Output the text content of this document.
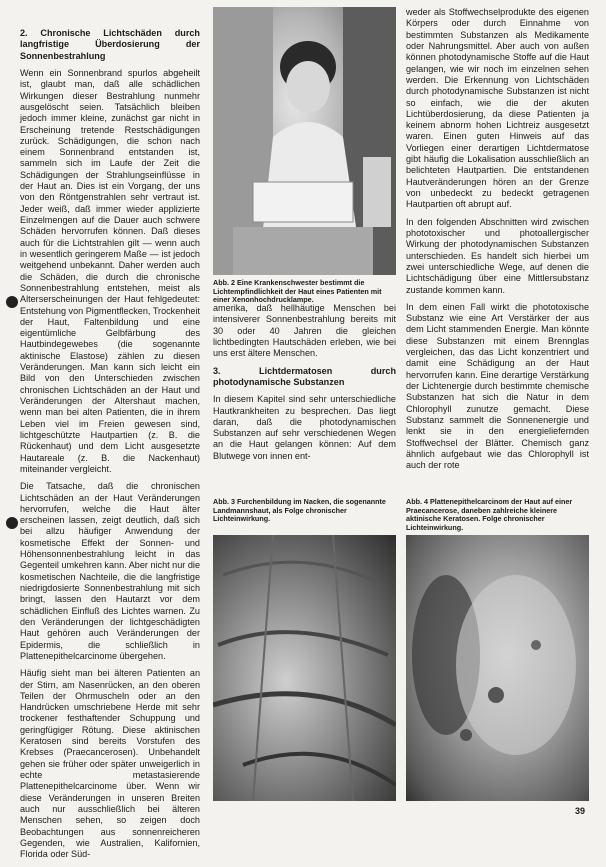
2. Chronische Lichtschäden durch langfristige Überdosierung der Sonnenbestrahlung

Wenn ein Sonnenbrand spurlos abgeheilt ist, glaubt man, daß alle schädlichen Wirkungen dieser Bestrahlung nunmehr ausgelöscht seien. Tatsächlich bleiben jedoch immer kleine, zunächst gar nicht in Erscheinung tretende Restschädigungen zurück. Schädigungen, die schon nach einem Sonnenbrand entstanden ist, sammeln sich im Laufe der Zeit die Schädigungen der Strahlungseinflüsse in der Haut an. Dies ist ein Vorgang, der uns von den Röntgenstrahlen sehr vertraut ist. Jeder weiß, daß immer wieder applizierte Einzelmengen auf die Dauer auch schwere Schäden hervorrufen können. Daß dieses auch für die Lichtstrahlen gilt — wenn auch in wesentlich geringerem Maße — ist jedoch weitgehend unbekannt. Daher werden auch die Schäden, die durch die chronische Sonnenbestrahlung entstehen, meist als Alterserscheinungen der Haut fehlgedeutet: Entstehung von Pigmentflecken, Trockenheit der Haut, Faltenbildung und eine eigentümliche Gelbfärbung des Hautbindegewebes (die sogenannte aktinische Elastose) zählen zu diesen Veränderungen. Man kann sich leicht ein Bild von den Unterschieden zwischen chronischen Lichtschäden an der Haut und Veränderungen der Altershaut machen, wenn man bei alten Patienten, die in ihrem Leben viel im Freien gewesen sind, lichtgeschützte Hautpartien (z. B. die Rückenhaut) und dem Licht ausgesetzte Hautareale (z. B. die Nackenhaut) miteinander vergleicht.

Die Tatsache, daß die chronischen Lichtschäden an der Haut Veränderungen hervorrufen, welche die Haut älter erscheinen lassen, zeigt deutlich, daß sich bei allzu häufiger Anwendung der kosmetische Effekt der Sonnen- und Höhensonnenbestrahlung leicht in das Gegenteil umkehren kann. Aber nicht nur die kosmetischen Nachteile, die die langfristige niedrigdosierte Sonnenbestrahlung mit sich bringt, lassen den Hautarzt vor dem schädlichen Einfluß des Lichtes warnen. Zu den Veränderungen der lichtgeschädigten Haut gehören auch Veränderungen der Epidermis, die schließlich in Plattenepithelcarcinome übergehen.

Häufig sieht man bei älteren Patienten an der Stirn, am Nasenrücken, an den oberen Teilen der Ohrmuscheln oder an den Handrücken umschriebene Herde mit sehr trockener festhaftender Schuppung und geringfügiger Rötung. Diese aktinischen Keratosen sind bereits Vorstufen des Krebses (Praecancerosen). Unbehandelt gehen sie früher oder später unweigerlich in echte metastasierende Plattenepithelcarcinome über. Wenn wir diese Veränderungen in unseren Breiten auch nur ausschließlich bei älteren Menschen sehen, so zeigen doch Beobachtungen aus sonnenreicheren Gegenden, wie Australien, Kalifornien, Florida oder Süd-

Abb. 2 Eine Krankenschwester bestimmt die Lichtempfindlichkeit der Haut eines Patienten mit einer Xenonhochdrucklampe.

amerika, daß hellhäutige Menschen bei intensiverer Sonnenbestrahlung bereits mit 30 oder 40 Jahren die gleichen lichtbedingten Hautschäden erleben, wie bei uns erst ältere Menschen.

3. Lichtdermatosen durch photodynamische Substanzen

In diesem Kapitel sind sehr unterschiedliche Hautkrankheiten zu besprechen. Das liegt daran, daß die photodynamischen Substanzen auf sehr verschiedenen Wegen an die Haut gelangen können: Auf dem Blutwege von innen ent-

weder als Stoffwechselprodukte des eigenen Körpers oder durch Einnahme von bestimmten Substanzen als Medikamente oder Nahrungsmittel. Aber auch von außen können photodynamische Stoffe auf die Haut gelangen, wie wir noch im einzelnen sehen werden. Die Erkennung von Lichtschäden durch photodynamische Substanzen ist nicht so einfach, wie die der akuten Lichtüberdosierung, da diese Patienten ja keinem abnorm hohen Lichtreiz ausgesetzt waren. Einen guten Hinweis auf das Vorliegen einer derartigen Lichtdermatose gibt häufig die Lokalisation ausschließlich an belichteten Hautpartien. Die entstandenen Hautveränderungen hören an der Grenze von unbedeckt zu bedeckt getragenen Hautpartien oft abrupt auf.

In den folgenden Abschnitten wird zwischen phototoxischer und photoallergischer Wirkung der photodynamischen Substanzen unterschieden. Es handelt sich hierbei um zwei unterschiedliche Wege, auf denen die Lichtschädigung über eine Mittlersubstanz zustande kommen kann.

In dem einen Fall wirkt die phototoxische Substanz wie eine Art Verstärker der aus dem Licht stammenden Energie. Man könnte diese Substanzen mit einem Brennglas vergleichen, das das Licht konzentriert und damit eine Schädigung an der Haut hervorrufen kann. Eine derartige Verstärkung der Lichtenergie durch bestimmte chemische Substanzen hat sich die Natur in dem Chlorophyll zunutze gemacht. Diese Substanz sammelt die Sonnenenergie und lenkt sie in den energieliefernden Stoffwechsel der Blätter. Chemisch ganz ähnlich aufgebaut wie das Chlorophyll ist auch der rote

Abb. 3 Furchenbildung im Nacken, die sogenannte Landmannshaut, als Folge chronischer Lichteinwirkung.
Abb. 4 Plattenepithelcarcinom der Haut auf einer Praecancerose, daneben zahlreiche kleinere aktinische Keratosen. Folge chronischer Lichteinwirkung.
39
